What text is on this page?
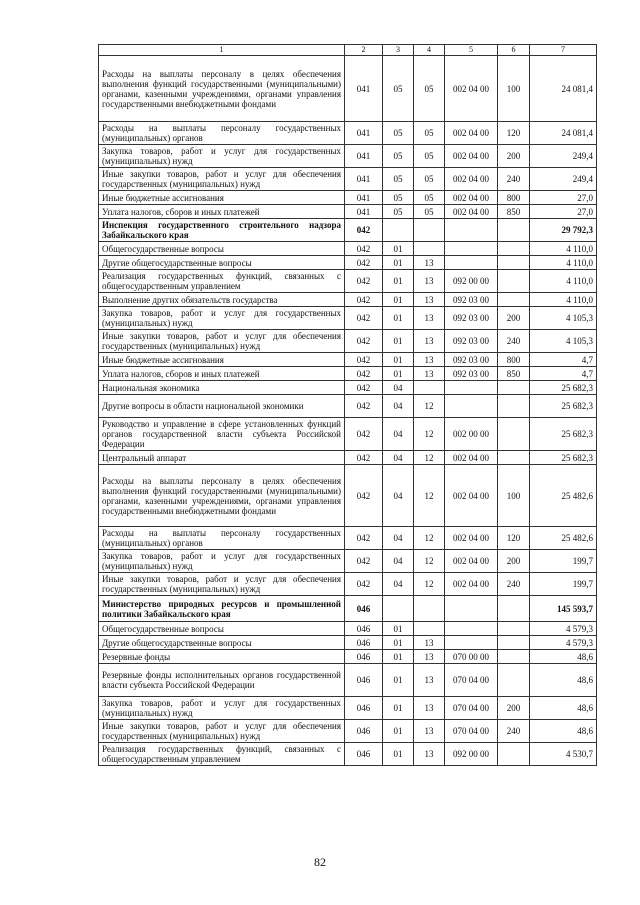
1	2	3	4	5	6	7
Расходы на выплаты персоналу в целях обеспечения выполнения функций государственными (муниципальными) органами, казенными учреждениями, органами управления государственными внебюджетными фондами	041	05	05	002 04 00	100	24 081,4
Расходы на выплаты персоналу государственных (муниципальных) органов	041	05	05	002 04 00	120	24 081,4
Закупка товаров, работ и услуг для государственных (муниципальных) нужд	041	05	05	002 04 00	200	249,4
Иные закупки товаров, работ и услуг для обеспечения государственных (муниципальных) нужд	041	05	05	002 04 00	240	249,4
Иные бюджетные ассигнования	041	05	05	002 04 00	800	27,0
Уплата налогов, сборов и иных платежей	041	05	05	002 04 00	850	27,0
Инспекция государственного строительного надзора Забайкальского края	042					29 792,3
Общегосударственные вопросы	042	01				4 110,0
Другие общегосударственные вопросы	042	01	13			4 110,0
Реализация государственных функций, связанных с общегосударственным управлением	042	01	13	092 00 00		4 110,0
Выполнение других обязательств государства	042	01	13	092 03 00		4 110,0
Закупка товаров, работ и услуг для государственных (муниципальных) нужд	042	01	13	092 03 00	200	4 105,3
Иные закупки товаров, работ и услуг для обеспечения государственных (муниципальных) нужд	042	01	13	092 03 00	240	4 105,3
Иные бюджетные ассигнования	042	01	13	092 03 00	800	4,7
Уплата налогов, сборов и иных платежей	042	01	13	092 03 00	850	4,7
Национальная экономика	042	04				25 682,3
Другие вопросы в области национальной экономики	042	04	12			25 682,3
Руководство и управление в сфере установленных функций органов государственной власти субъекта Российской Федерации	042	04	12	002 00 00		25 682,3
Центральный аппарат	042	04	12	002 04 00		25 682,3
Расходы на выплаты персоналу в целях обеспечения выполнения функций государственными (муниципальными) органами, казенными учреждениями, органами управления государственными внебюджетными фондами	042	04	12	002 04 00	100	25 482,6
Расходы на выплаты персоналу государственных (муниципальных) органов	042	04	12	002 04 00	120	25 482,6
Закупка товаров, работ и услуг для государственных (муниципальных) нужд	042	04	12	002 04 00	200	199,7
Иные закупки товаров, работ и услуг для обеспечения государственных (муниципальных) нужд	042	04	12	002 04 00	240	199,7
Министерство природных ресурсов и промышленной политики Забайкальского края	046					145 593,7
Общегосударственные вопросы	046	01				4 579,3
Другие общегосударственные вопросы	046	01	13			4 579,3
Резервные фонды	046	01	13	070 00 00		48,6
Резервные фонды исполнительных органов государственной власти субъекта Российской Федерации	046	01	13	070 04 00		48,6
Закупка товаров, работ и услуг для государственных (муниципальных) нужд	046	01	13	070 04 00	200	48,6
Иные закупки товаров, работ и услуг для обеспечения государственных (муниципальных) нужд	046	01	13	070 04 00	240	48,6
Реализация государственных функций, связанных с общегосударственным управлением	046	01	13	092 00 00		4 530,7
82
